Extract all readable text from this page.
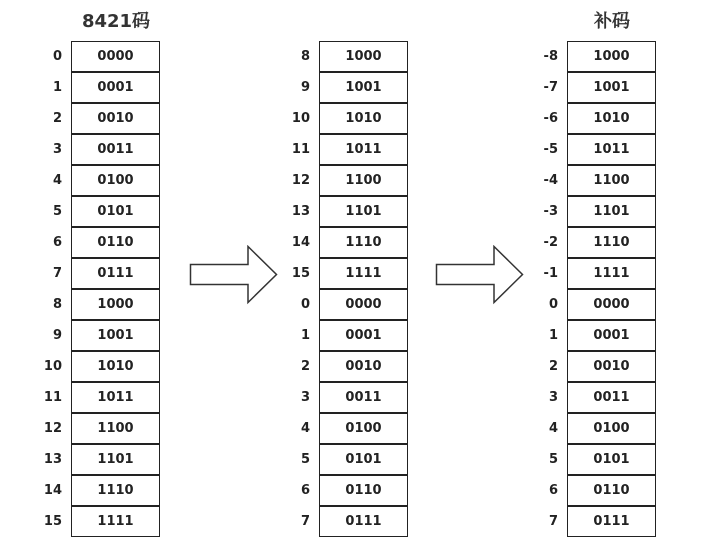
8421码	补码
0	0000
1	0001
2	0010
3	0011
4	0100
5	0101
6	0110
7	0111
8	1000
9	1001
10	1010
11	1011
12	1100
13	1101
14	1110
15	1111
8	1000
9	1001
10	1010
11	1011
12	1100
13	1101
14	1110
15	1111
0	0000
1	0001
2	0010
3	0011
4	0100
5	0101
6	0110
7	0111
-8	1000
-7	1001
-6	1010
-5	1011
-4	1100
-3	1101
-2	1110
-1	1111
0	0000
1	0001
2	0010
3	0011
4	0100
5	0101
6	0110
7	0111
